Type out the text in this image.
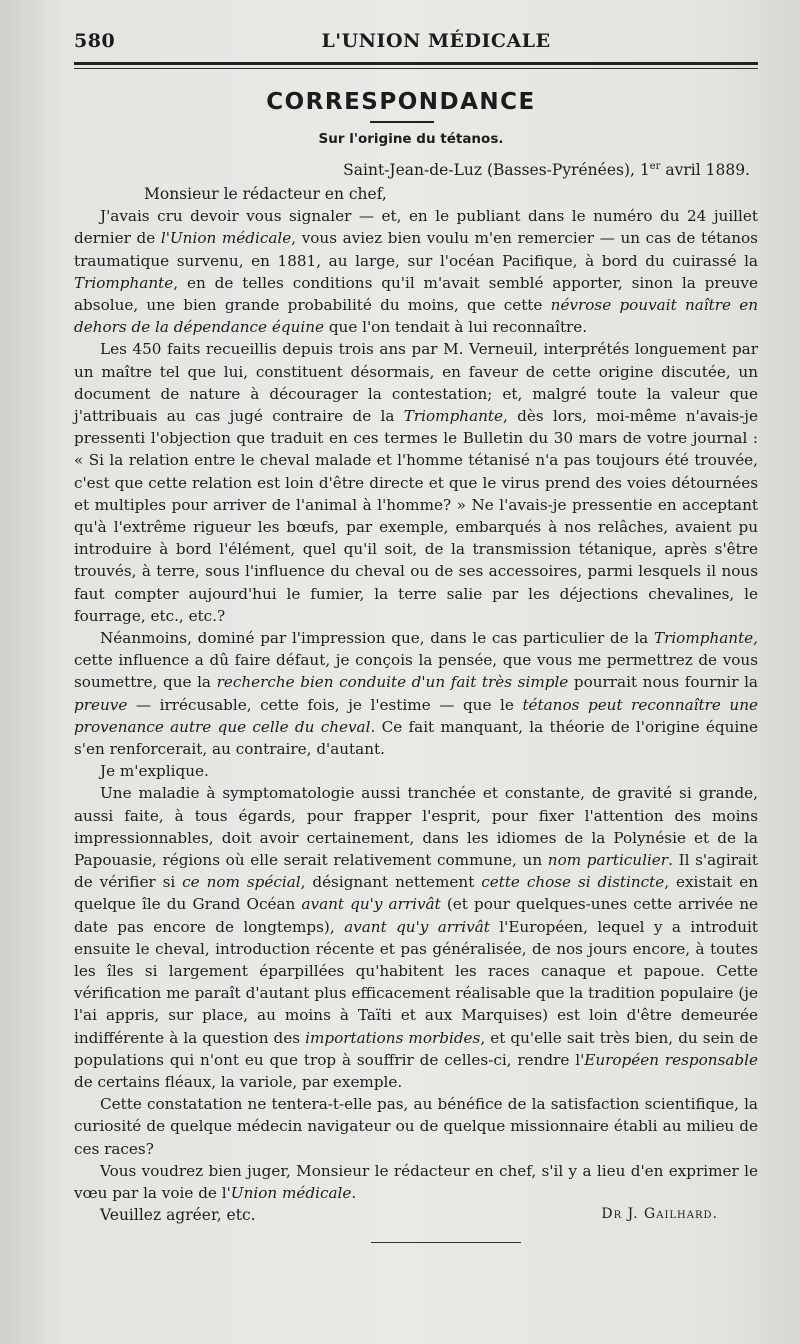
580	L'UNION MÉDICALE
CORRESPONDANCE
Sur l'origine du tétanos.
Saint-Jean-de-Luz (Basses-Pyrénées), 1er avril 1889.
Monsieur le rédacteur en chef,

J'avais cru devoir vous signaler — et, en le publiant dans le numéro du 24 juillet dernier de l'Union médicale, vous aviez bien voulu m'en remercier — un cas de tétanos traumatique survenu, en 1881, au large, sur l'océan Pacifique, à bord du cuirassé la Triomphante, en de telles conditions qu'il m'avait semblé apporter, sinon la preuve absolue, une bien grande probabilité du moins, que cette névrose pouvait naître en dehors de la dépendance équine que l'on tendait à lui reconnaître.

Les 450 faits recueillis depuis trois ans par M. Verneuil, interprétés longuement par un maître tel que lui, constituent désormais, en faveur de cette origine discutée, un document de nature à décourager la contestation; et, malgré toute la valeur que j'attribuais au cas jugé contraire de la Triomphante, dès lors, moi-même n'avais-je pressenti l'objection que traduit en ces termes le Bulletin du 30 mars de votre journal : « Si la relation entre le cheval malade et l'homme tétanisé n'a pas toujours été trouvée, c'est que cette relation est loin d'être directe et que le virus prend des voies détournées et multiples pour arriver de l'animal à l'homme? » Ne l'avais-je pressentie en acceptant qu'à l'extrême rigueur les bœufs, par exemple, embarqués à nos relâches, avaient pu introduire à bord l'élément, quel qu'il soit, de la transmission tétanique, après s'être trouvés, à terre, sous l'influence du cheval ou de ses accessoires, parmi lesquels il nous faut compter aujourd'hui le fumier, la terre salie par les déjections chevalines, le fourrage, etc., etc.?

Néanmoins, dominé par l'impression que, dans le cas particulier de la Triomphante, cette influence a dû faire défaut, je conçois la pensée, que vous me permettrez de vous soumettre, que la recherche bien conduite d'un fait très simple pourrait nous fournir la preuve — irrécusable, cette fois, je l'estime — que le tétanos peut reconnaître une provenance autre que celle du cheval. Ce fait manquant, la théorie de l'origine équine s'en renforcerait, au contraire, d'autant.

Je m'explique.

Une maladie à symptomatologie aussi tranchée et constante, de gravité si grande, aussi faite, à tous égards, pour frapper l'esprit, pour fixer l'attention des moins impressionnables, doit avoir certainement, dans les idiomes de la Polynésie et de la Papouasie, régions où elle serait relativement commune, un nom particulier. Il s'agirait de vérifier si ce nom spécial, désignant nettement cette chose si distincte, existait en quelque île du Grand Océan avant qu'y arrivât (et pour quelques-unes cette arrivée ne date pas encore de longtemps), avant qu'y arrivât l'Européen, lequel y a introduit ensuite le cheval, introduction récente et pas généralisée, de nos jours encore, à toutes les îles si largement éparpillées qu'habitent les races canaque et papoue. Cette vérification me paraît d'autant plus efficacement réalisable que la tradition populaire (je l'ai appris, sur place, au moins à Taïti et aux Marquises) est loin d'être demeurée indifférente à la question des importations morbides, et qu'elle sait très bien, du sein de populations qui n'ont eu que trop à souffrir de celles-ci, rendre l'Européen responsable de certains fléaux, la variole, par exemple.

Cette constatation ne tentera-t-elle pas, au bénéfice de la satisfaction scientifique, la curiosité de quelque médecin navigateur ou de quelque missionnaire établi au milieu de ces races?

Vous voudrez bien juger, Monsieur le rédacteur en chef, s'il y a lieu d'en exprimer le vœu par la voie de l'Union médicale.

Veuillez agréer, etc.	Dr J. Gailhard.
